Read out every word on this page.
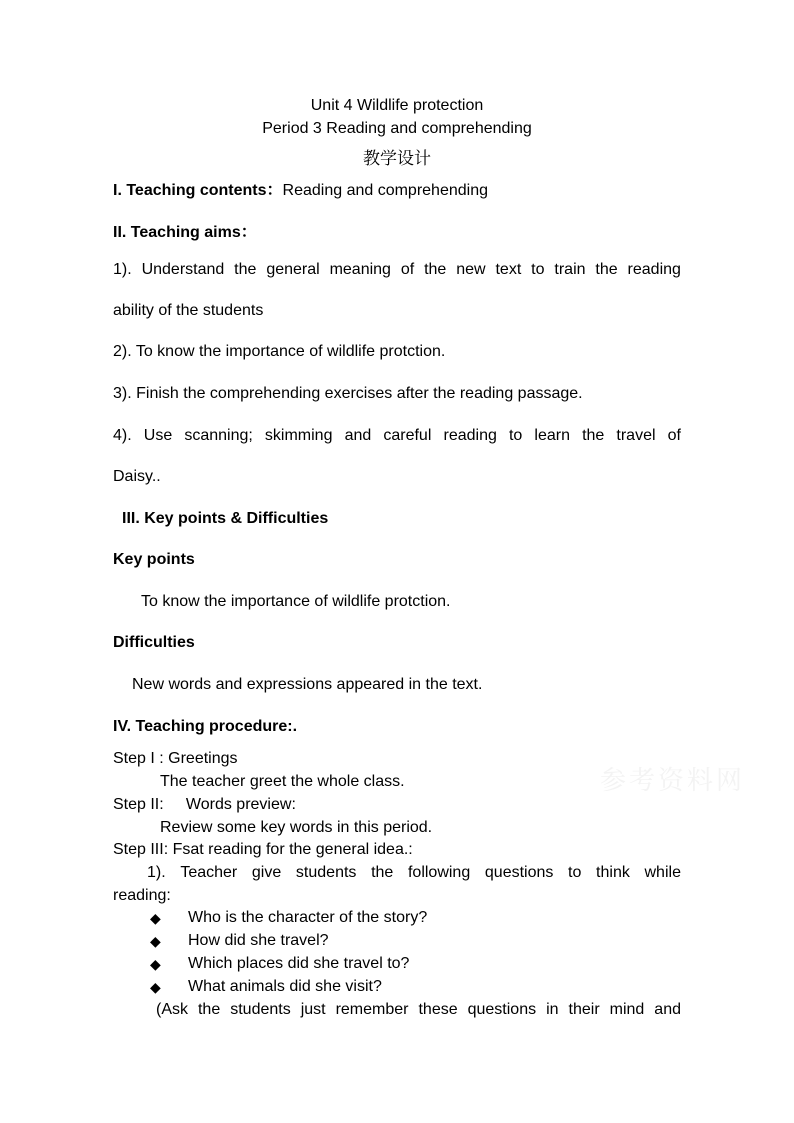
Unit 4 Wildlife protection
Period 3 Reading and comprehending
教学设计
I. Teaching contents：Reading and comprehending
II. Teaching aims：
1). Understand the general meaning of the new text to train the reading
ability of the students
2). To know the importance of wildlife protction.
3). Finish the comprehending exercises after the reading passage.
4). Use scanning; skimming and careful reading to learn the travel of
Daisy..
III. Key points & Difficulties
Key points
To know the importance of wildlife protction.
Difficulties
New words and expressions appeared in the text.
IV. Teaching procedure:.
Step I : Greetings
The teacher greet the whole class.
Step II:     Words preview:
Review some key words in this period.
Step III: Fsat reading for the general idea.:
1). Teacher give students the following questions to think while
reading:
◆ Who is the character of the story?
◆ How did she travel?
◆ Which places did she travel to?
◆ What animals did she visit?
(Ask the students just remember these questions in their mind and
参考资料网
